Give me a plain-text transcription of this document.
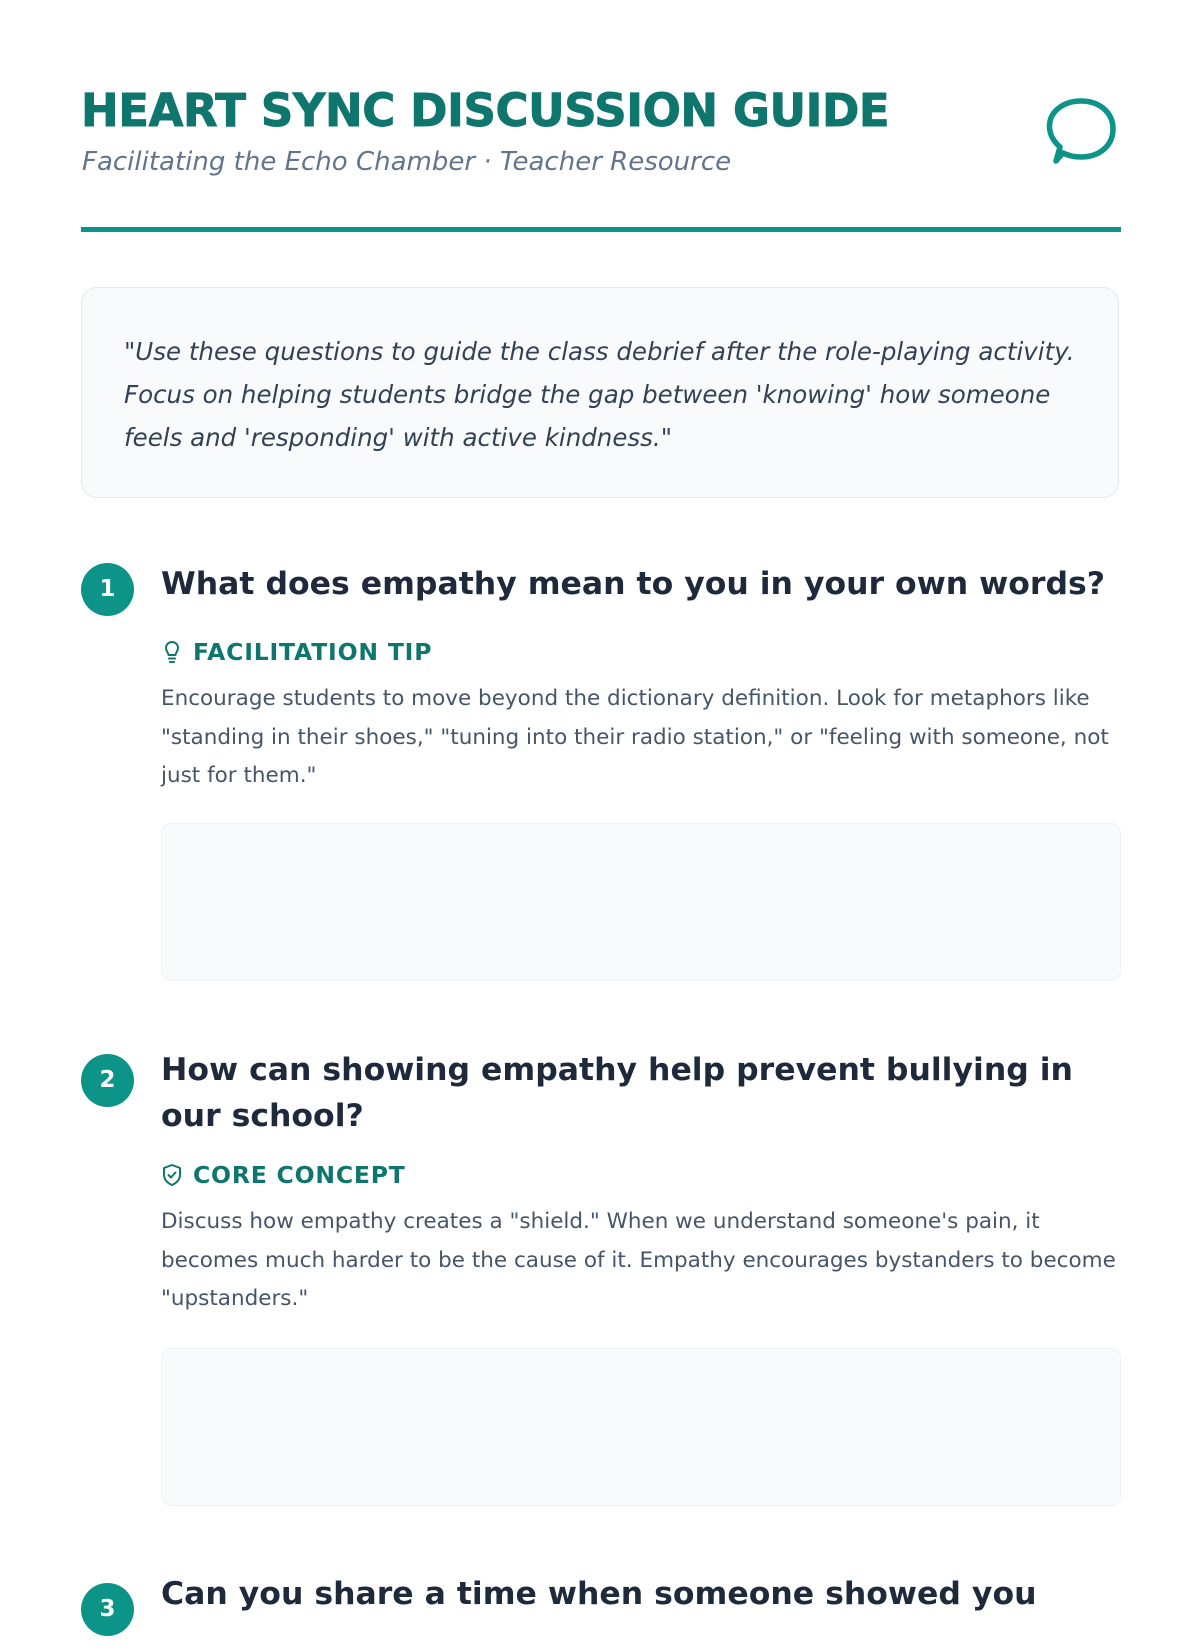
HEART SYNC DISCUSSION GUIDE

Facilitating the Echo Chamber · Teacher Resource

"Use these questions to guide the class debrief after the role-playing activity. Focus on helping students bridge the gap between 'knowing' how someone feels and 'responding' with active kindness."

1	What does empathy mean to you in your own words?
FACILITATION TIP

Encourage students to move beyond the dictionary definition. Look for metaphors like "standing in their shoes," "tuning into their radio station," or "feeling with someone, not just for them."

2	How can showing empathy help prevent bullying in our school?
CORE CONCEPT

Discuss how empathy creates a "shield." When we understand someone's pain, it becomes much harder to be the cause of it. Empathy encourages bystanders to become "upstanders."

3	Can you share a time when someone showed you
